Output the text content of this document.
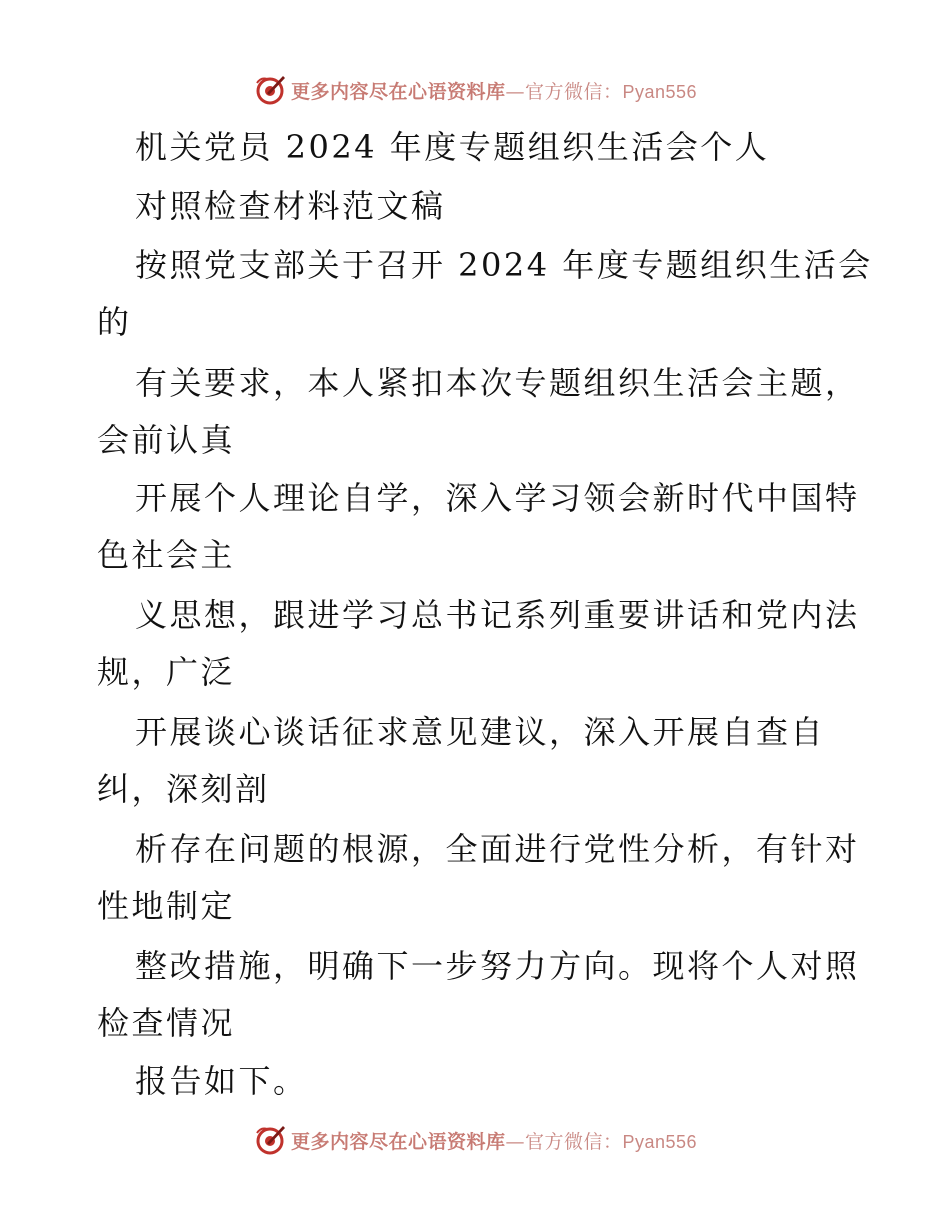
更多内容尽在心语资料库—官方微信：Pyan556
机关党员 2024 年度专题组织生活会个人
对照检查材料范文稿
按照党支部关于召开 2024 年度专题组织生活会
的
有关要求，本人紧扣本次专题组织生活会主题，
会前认真
开展个人理论自学，深入学习领会新时代中国特
色社会主
义思想，跟进学习总书记系列重要讲话和党内法
规，广泛
开展谈心谈话征求意见建议，深入开展自查自
纠，深刻剖
析存在问题的根源，全面进行党性分析，有针对
性地制定
整改措施，明确下一步努力方向。现将个人对照
检查情况
报告如下。
更多内容尽在心语资料库—官方微信：Pyan556
